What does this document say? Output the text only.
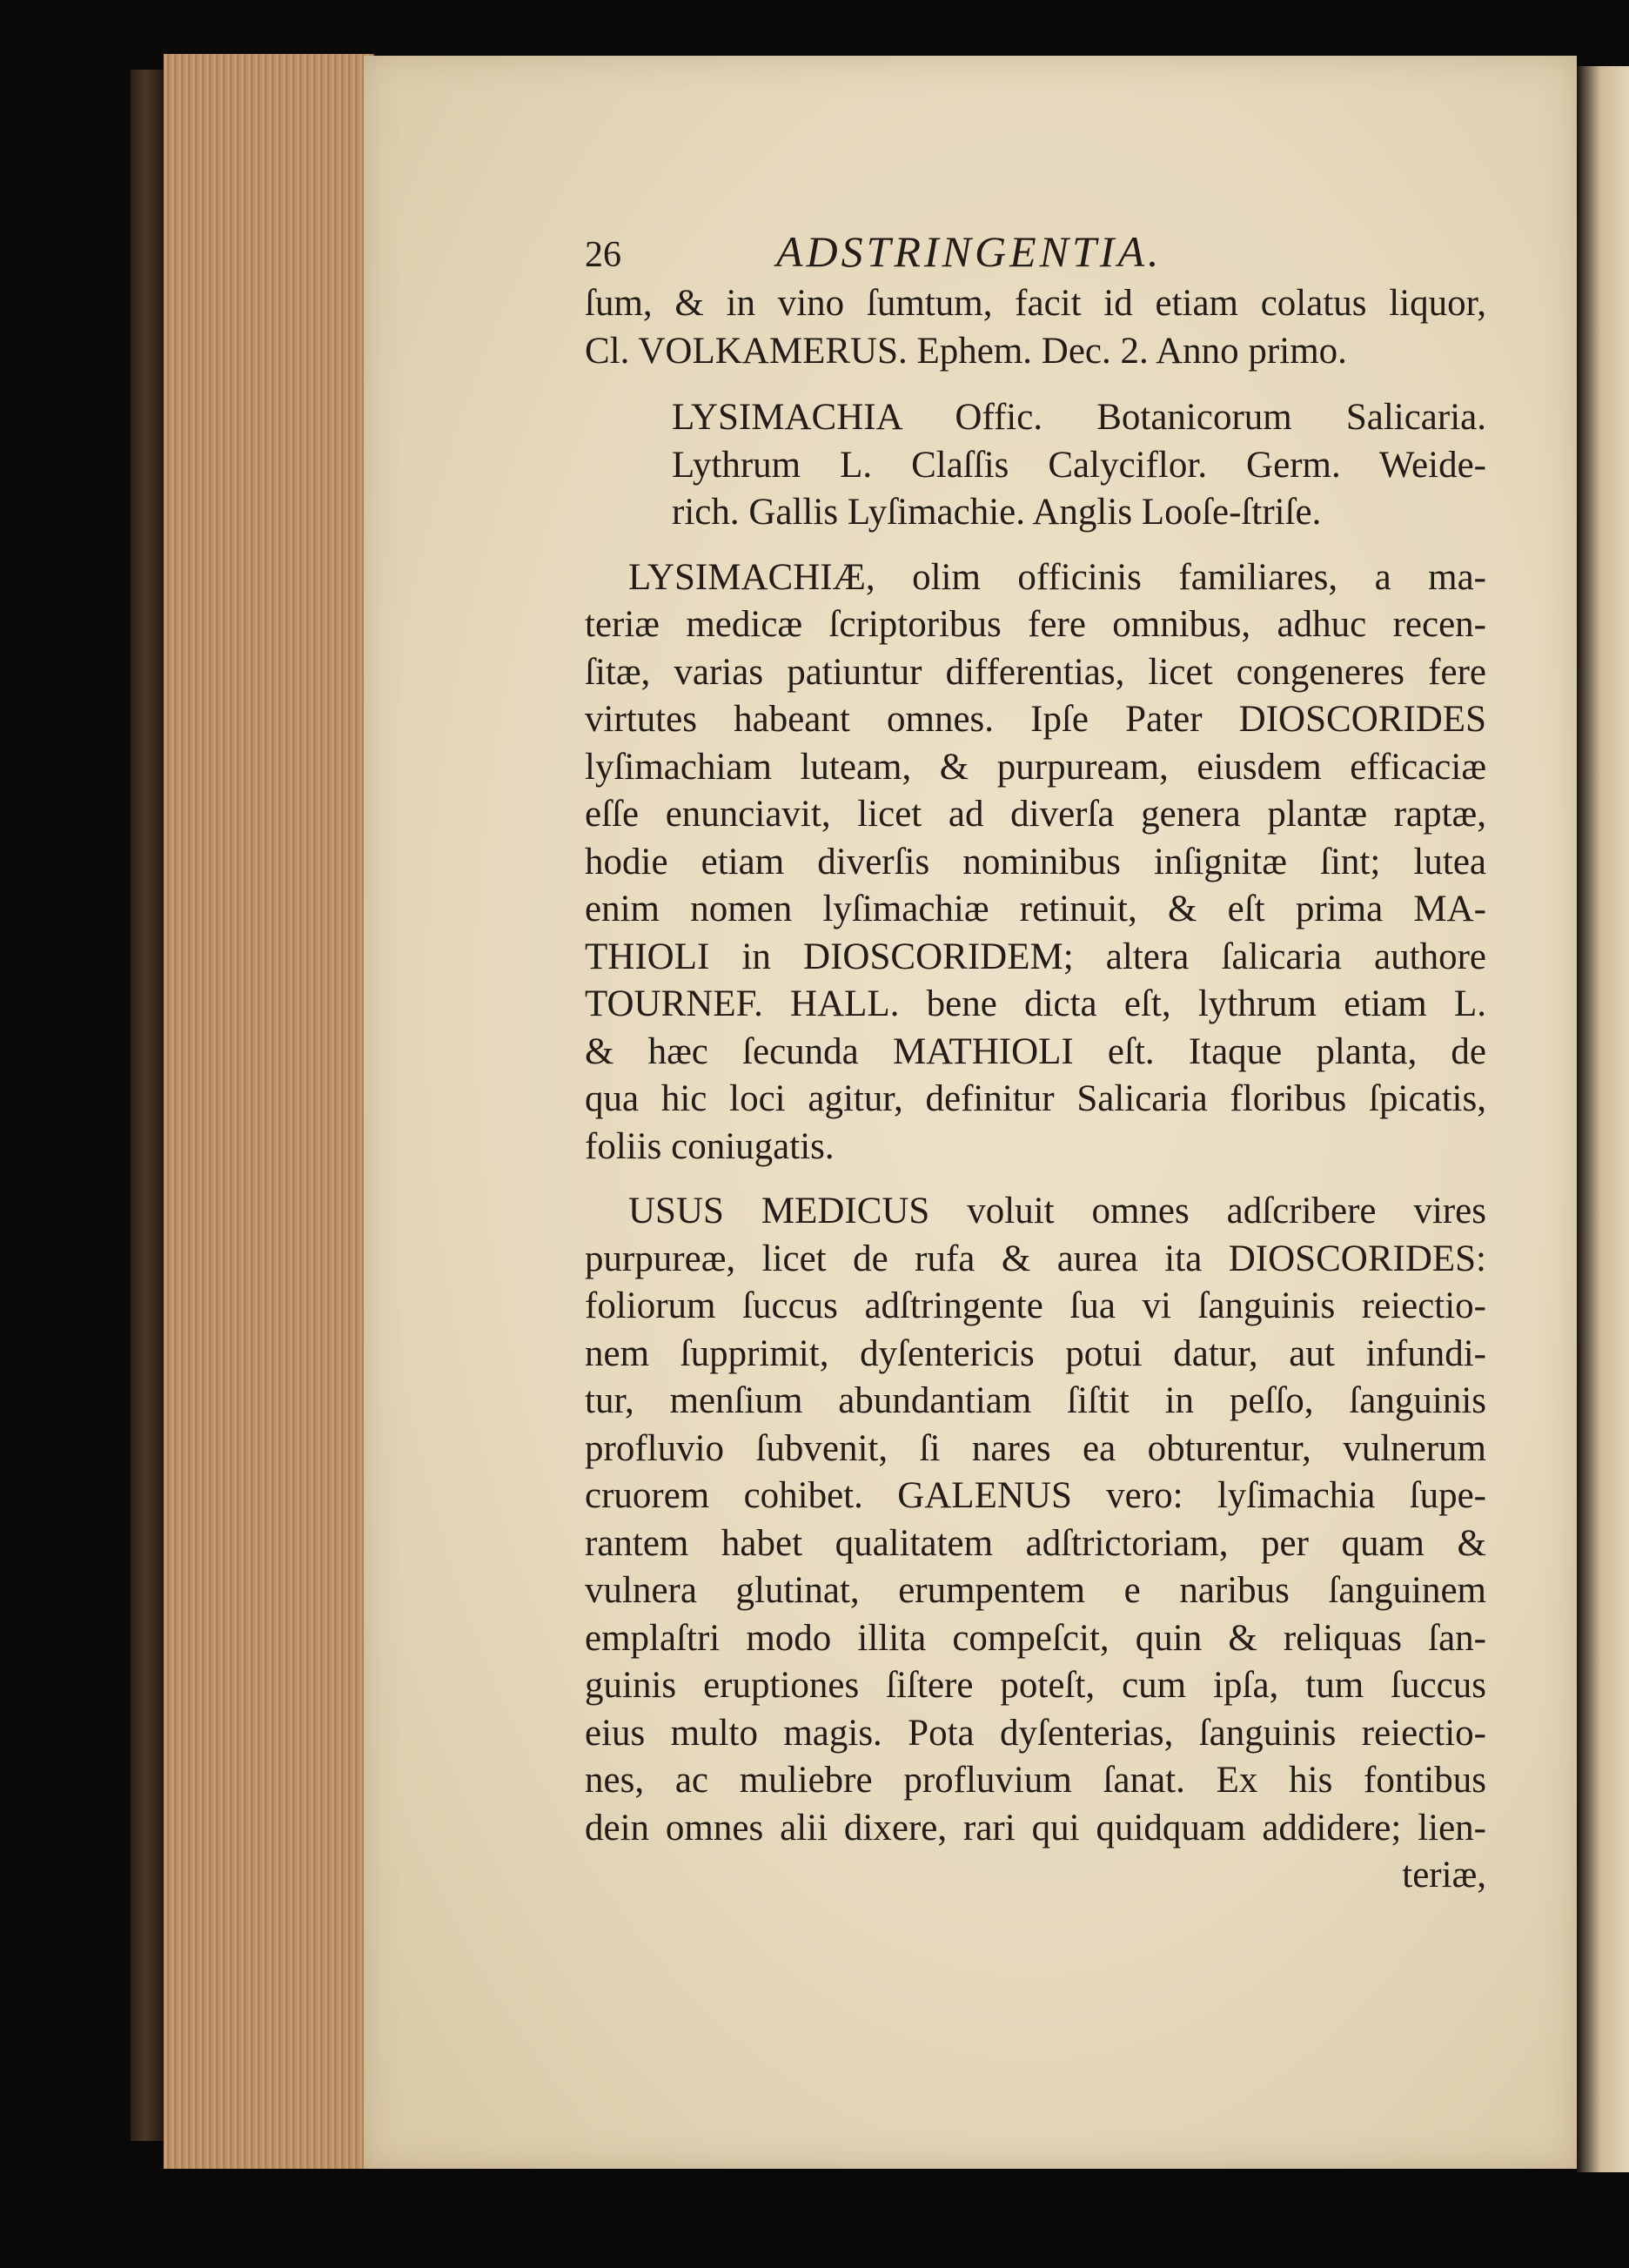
26	ADSTRINGENTIA.
ſum, & in vino ſumtum, facit id etiam colatus liquor,
Cl. VOLKAMERUS. Ephem. Dec. 2. Anno primo.
LYSIMACHIA Offic. Botanicorum Salicaria.
Lythrum L. Claſſis Calyciflor. Germ. Weide-
rich. Gallis Lyſimachie. Anglis Looſe-ſtriſe.
LYSIMACHIÆ, olim officinis familiares, a ma-
teriæ medicæ ſcriptoribus fere omnibus, adhuc recen-
ſitæ, varias patiuntur differentias, licet congeneres fere
virtutes habeant omnes. Ipſe Pater DIOSCORIDES
lyſimachiam luteam, & purpuream, eiusdem efficaciæ
eſſe enunciavit, licet ad diverſa genera plantæ raptæ,
hodie etiam diverſis nominibus inſignitæ ſint; lutea
enim nomen lyſimachiæ retinuit, & eſt prima MA-
THIOLI in DIOSCORIDEM; altera ſalicaria authore
TOURNEF. HALL. bene dicta eſt, lythrum etiam L.
& hæc ſecunda MATHIOLI eſt. Itaque planta, de
qua hic loci agitur, definitur Salicaria floribus ſpicatis,
foliis coniugatis.
USUS MEDICUS voluit omnes adſcribere vires
purpureæ, licet de rufa & aurea ita DIOSCORIDES:
foliorum ſuccus adſtringente ſua vi ſanguinis reiectio-
nem ſupprimit, dyſentericis potui datur, aut infundi-
tur, menſium abundantiam ſiſtit in peſſo, ſanguinis
profluvio ſubvenit, ſi nares ea obturentur, vulnerum
cruorem cohibet. GALENUS vero: lyſimachia ſupe-
rantem habet qualitatem adſtrictoriam, per quam &
vulnera glutinat, erumpentem e naribus ſanguinem
emplaſtri modo illita compeſcit, quin & reliquas ſan-
guinis eruptiones ſiſtere poteſt, cum ipſa, tum ſuccus
eius multo magis. Pota dyſenterias, ſanguinis reiectio-
nes, ac muliebre profluvium ſanat. Ex his fontibus
dein omnes alii dixere, rari qui quidquam addidere; lien-
teriæ,
